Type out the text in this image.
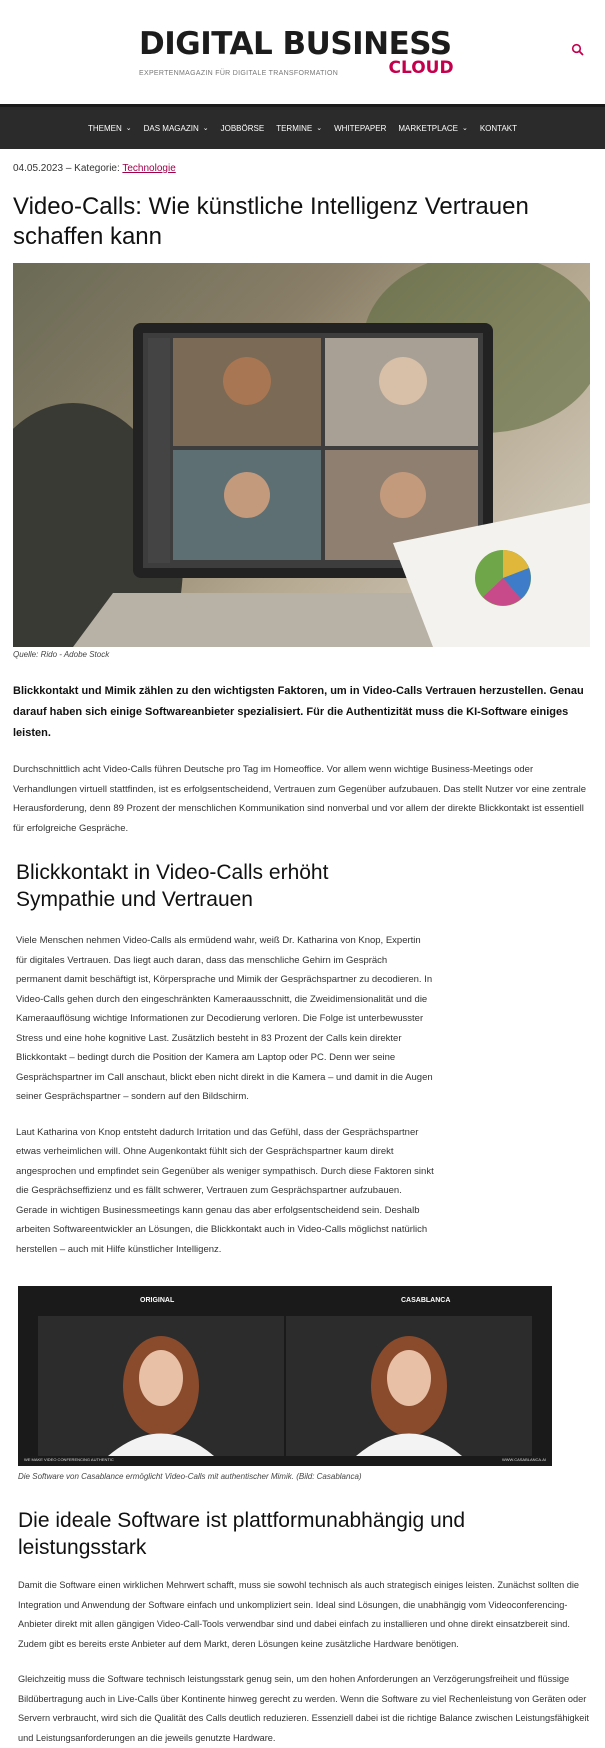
DIGITAL BUSINESS
CLOUD
EXPERTENMAGAZIN FÜR DIGITALE TRANSFORMATION
THEMEN ⌄ DAS MAGAZIN ⌄ JOBBÖRSE TERMINE ⌄ WHITEPAPER MARKETPLACE ⌄ KONTAKT
04.05.2023 – Kategorie: Technologie
Video-Calls: Wie künstliche Intelligenz Vertrauen schaffen kann
Quelle: Rido - Adobe Stock
Blickkontakt und Mimik zählen zu den wichtigsten Faktoren, um in Video-Calls Vertrauen herzustellen. Genau darauf haben sich einige Softwareanbieter spezialisiert. Für die Authentizität muss die KI-Software einiges leisten.

Durchschnittlich acht Video-Calls führen Deutsche pro Tag im Homeoffice. Vor allem wenn wichtige Business-Meetings oder Verhandlungen virtuell stattfinden, ist es erfolgsentscheidend, Vertrauen zum Gegenüber aufzubauen. Das stellt Nutzer vor eine zentrale Herausforderung, denn 89 Prozent der menschlichen Kommunikation sind nonverbal und vor allem der direkte Blickkontakt ist essentiell für erfolgreiche Gespräche.

Blickkontakt in Video-Calls erhöht Sympathie und Vertrauen

Viele Menschen nehmen Video-Calls als ermüdend wahr, weiß Dr. Katharina von Knop, Expertin für digitales Vertrauen. Das liegt auch daran, dass das menschliche Gehirn im Gespräch permanent damit beschäftigt ist, Körpersprache und Mimik der Gesprächspartner zu decodieren. In Video-Calls gehen durch den eingeschränkten Kameraausschnitt, die Zweidimensionalität und die Kameraauflösung wichtige Informationen zur Decodierung verloren. Die Folge ist unterbewusster Stress und eine hohe kognitive Last. Zusätzlich besteht in 83 Prozent der Calls kein direkter Blickkontakt – bedingt durch die Position der Kamera am Laptop oder PC. Denn wer seine Gesprächspartner im Call anschaut, blickt eben nicht direkt in die Kamera – und damit in die Augen seiner Gesprächspartner – sondern auf den Bildschirm.

Laut Katharina von Knop entsteht dadurch Irritation und das Gefühl, dass der Gesprächspartner etwas verheimlichen will. Ohne Augenkontakt fühlt sich der Gesprächspartner kaum direkt angesprochen und empfindet sein Gegenüber als weniger sympathisch. Durch diese Faktoren sinkt die Gesprächseffizienz und es fällt schwerer, Vertrauen zum Gesprächspartner aufzubauen. Gerade in wichtigen Businessmeetings kann genau das aber erfolgsentscheidend sein. Deshalb arbeiten Softwareentwickler an Lösungen, die Blickkontakt auch in Video-Calls möglichst natürlich herstellen – auch mit Hilfe künstlicher Intelligenz.

ORIGINAL	CASABLANCA
WE MAKE VIDEO CONFERENCING AUTHENTIC	WWW.CASABLANCA.AI
Die Software von Casablance ermöglicht Video-Calls mit authentischer Mimik. (Bild: Casablanca)
Die ideale Software ist plattformunabhängig und leistungsstark

Damit die Software einen wirklichen Mehrwert schafft, muss sie sowohl technisch als auch strategisch einiges leisten. Zunächst sollten die Integration und Anwendung der Software einfach und unkompliziert sein. Ideal sind Lösungen, die unabhängig vom Videoconferencing-Anbieter direkt mit allen gängigen Video-Call-Tools verwendbar sind und dabei einfach zu installieren und ohne direkt einsatzbereit sind. Zudem gibt es bereits erste Anbieter auf dem Markt, deren Lösungen keine zusätzliche Hardware benötigen.

Gleichzeitig muss die Software technisch leistungsstark genug sein, um den hohen Anforderungen an Verzögerungsfreiheit und flüssige Bildübertragung auch in Live-Calls über Kontinente hinweg gerecht zu werden. Wenn die Software zu viel Rechenleistung von Geräten oder Servern verbraucht, wird sich die Qualität des Calls deutlich reduzieren. Essenziell dabei ist die richtige Balance zwischen Leistungsfähigkeit und Leistungsanforderungen an die jeweils genutzte Hardware.
